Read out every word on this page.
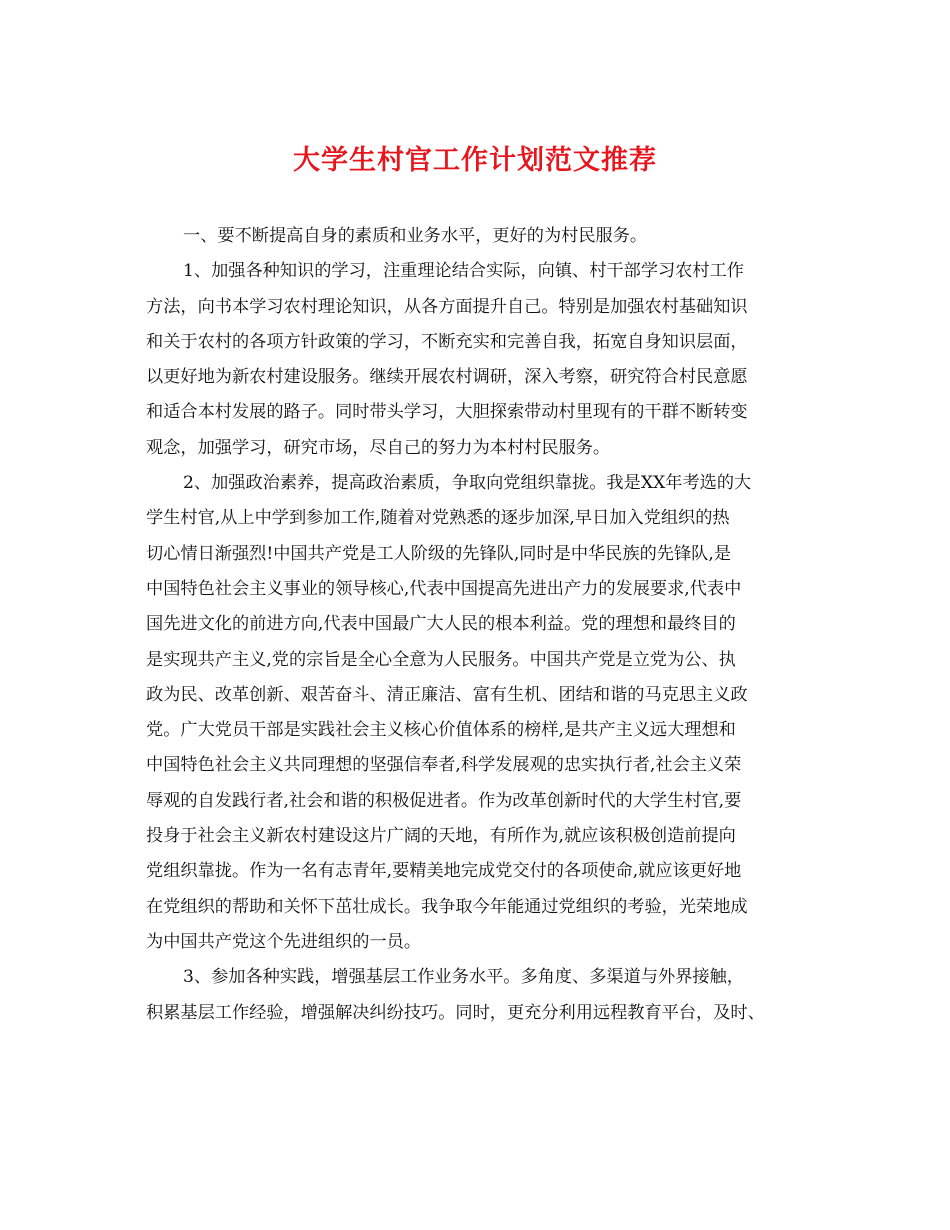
大学生村官工作计划范文推荐
一、要不断提高自身的素质和业务水平，更好的为村民服务。
1、加强各种知识的学习，注重理论结合实际，向镇、村干部学习农村工作
方法，向书本学习农村理论知识，从各方面提升自己。特别是加强农村基础知识
和关于农村的各项方针政策的学习，不断充实和完善自我，拓宽自身知识层面，
以更好地为新农村建设服务。继续开展农村调研，深入考察，研究符合村民意愿
和适合本村发展的路子。同时带头学习，大胆探索带动村里现有的干群不断转变
观念，加强学习，研究市场，尽自己的努力为本村村民服务。
2、加强政治素养，提高政治素质，争取向党组织靠拢。我是XX年考选的大
学生村官,从上中学到参加工作,随着对党熟悉的逐步加深,早日加入党组织的热
切心情日渐强烈!中国共产党是工人阶级的先锋队,同时是中华民族的先锋队,是
中国特色社会主义事业的领导核心,代表中国提高先进出产力的发展要求,代表中
国先进文化的前进方向,代表中国最广大人民的根本利益。党的理想和最终目的
是实现共产主义,党的宗旨是全心全意为人民服务。中国共产党是立党为公、执
政为民、改革创新、艰苦奋斗、清正廉洁、富有生机、团结和谐的马克思主义政
党。广大党员干部是实践社会主义核心价值体系的榜样,是共产主义远大理想和
中国特色社会主义共同理想的坚强信奉者,科学发展观的忠实执行者,社会主义荣
辱观的自发践行者,社会和谐的积极促进者。作为改革创新时代的大学生村官,要
投身于社会主义新农村建设这片广阔的天地，有所作为,就应该积极创造前提向
党组织靠拢。作为一名有志青年,要精美地完成党交付的各项使命,就应该更好地
在党组织的帮助和关怀下茁壮成长。我争取今年能通过党组织的考验，光荣地成
为中国共产党这个先进组织的一员。
3、参加各种实践，增强基层工作业务水平。多角度、多渠道与外界接触，
积累基层工作经验，增强解决纠纷技巧。同时，更充分利用远程教育平台，及时、
